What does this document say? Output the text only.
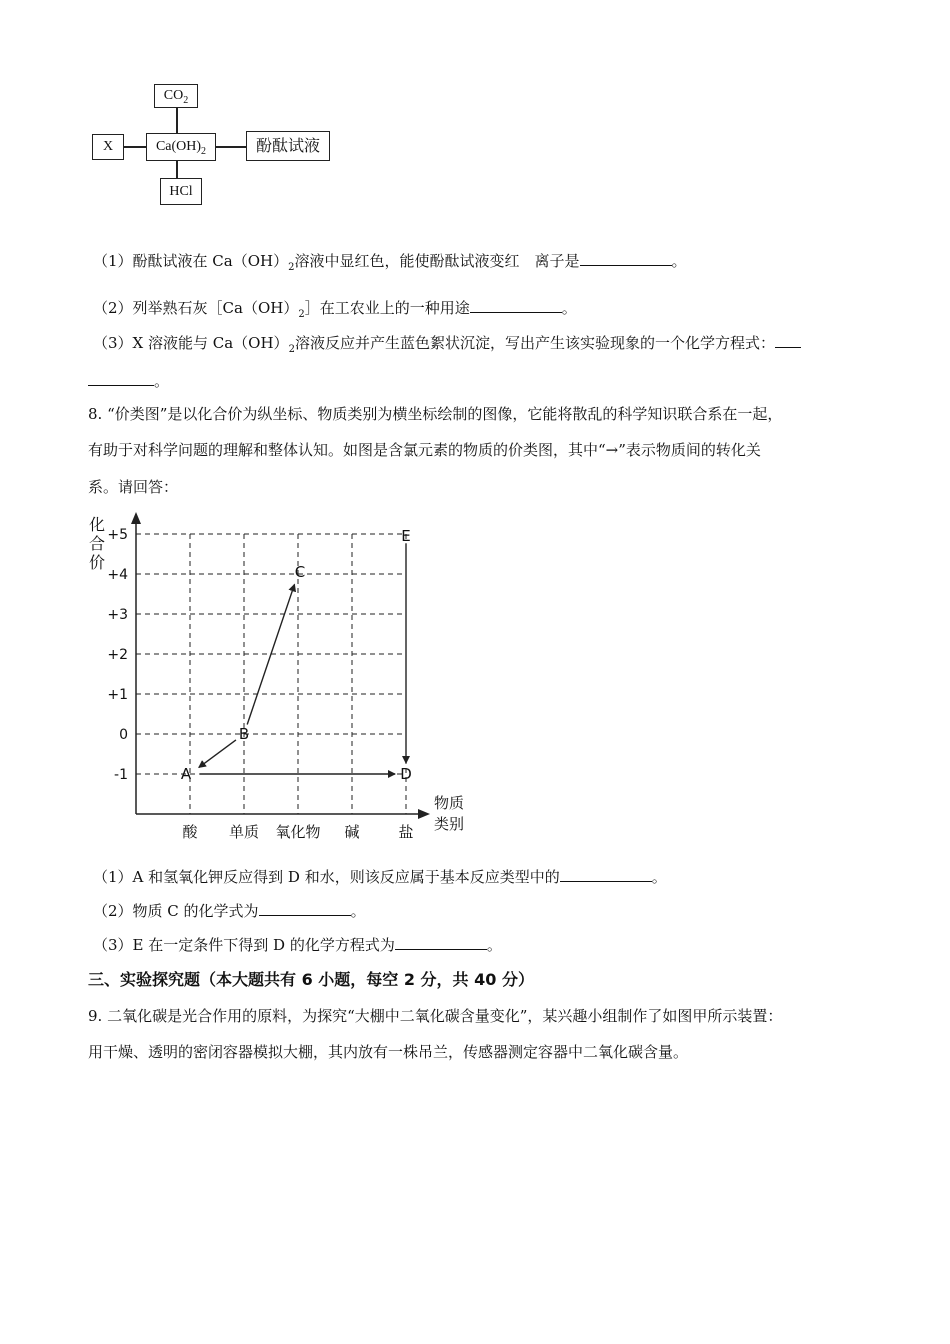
$CO_2$
X	$Ca(OH)_2$	酚酞试液
HCl
（1）酚酞试液在 $Ca(OH)_2$溶液中显红色，能使酚酞试液变红　离子是	。
（2）列举熟石灰$[Ca(OH)_2]$在工农业上的一种用途	。
（3）X 溶液能与 $Ca(OH)_2$溶液反应并产生蓝色絮状沉淀，写出产生该实验现象的一个化学方程式：
。
8. “价类图”是以化合价为纵坐标、物质类别为横坐标绘制的图像，它能将散乱的科学知识联合系在一起，
有助于对科学问题的理解和整体认知。如图是含氯元素的物质的价类图，其中“→”表示物质间的转化关
系。请回答：
+5
+4
+3
+2
+1
0
-1
酸 单质 氧化物 碱	盐
化
合
价
物质
类别
A
B
C
D
E
（1）A 和氢氧化钾反应得到 D 和水，则该反应属于基本反应类型中的	。
（2）物质 C 的化学式为	。
（3）E 在一定条件下得到 D 的化学方程式为	。
三、实验探究题（本大题共有 6 小题，每空 2 分，共 40 分）
9. 二氧化碳是光合作用的原料，为探究“大棚中二氧化碳含量变化”，某兴趣小组制作了如图甲所示装置：
用干燥、透明的密闭容器模拟大棚，其内放有一株吊兰，传感器测定容器中二氧化碳含量。
